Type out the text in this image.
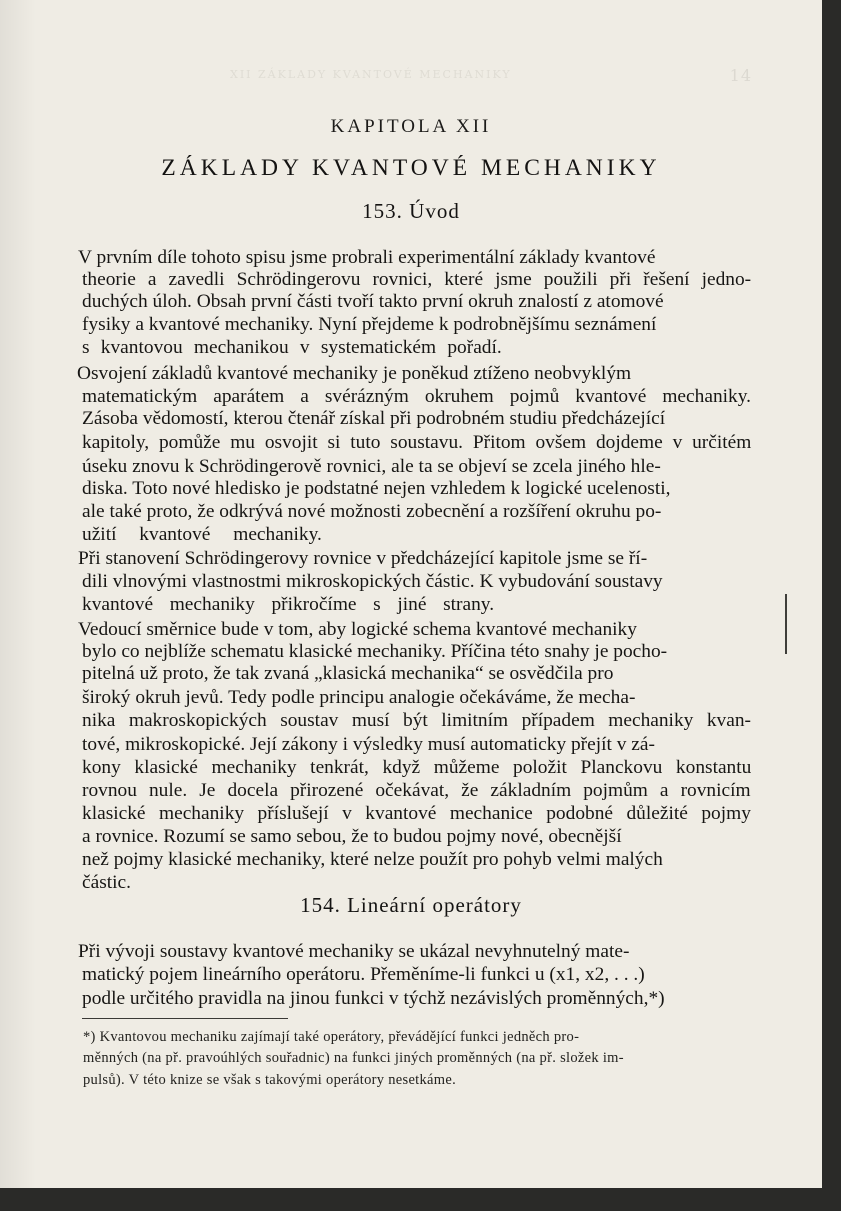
XII ZÁKLADY KVANTOVÉ MECHANIKY	14
KAPITOLA XII
ZÁKLADY KVANTOVÉ MECHANIKY
153. Úvod
V prvním díle tohoto spisu jsme probrali experimentální základy kvantové
theorie a zavedli Schrödingerovu rovnici, které jsme použili při řešení jedno-
duchých úloh. Obsah první části tvoří takto první okruh znalostí z atomové
fysiky a kvantové mechaniky. Nyní přejdeme k podrobnějšímu seznámení
s kvantovou mechanikou v systematickém pořadí.
Osvojení základů kvantové mechaniky je poněkud ztíženo neobvyklým
matematickým aparátem a svérázným okruhem pojmů kvantové mechaniky.
Zásoba vědomostí, kterou čtenář získal při podrobném studiu předcházející
kapitoly, pomůže mu osvojit si tuto soustavu. Přitom ovšem dojdeme v určitém
úseku znovu k Schrödingerově rovnici, ale ta se objeví se zcela jiného hle-
diska. Toto nové hledisko je podstatné nejen vzhledem k logické ucelenosti,
ale také proto, že odkrývá nové možnosti zobecnění a rozšíření okruhu po-
užití kvantové mechaniky.
Při stanovení Schrödingerovy rovnice v předcházející kapitole jsme se ří-
dili vlnovými vlastnostmi mikroskopických částic. K vybudování soustavy
kvantové mechaniky přikročíme s jiné strany.
Vedoucí směrnice bude v tom, aby logické schema kvantové mechaniky
bylo co nejblíže schematu klasické mechaniky. Příčina této snahy je pocho-
pitelná už proto, že tak zvaná „klasická mechanika“ se osvědčila pro
široký okruh jevů. Tedy podle principu analogie očekáváme, že mecha-
nika makroskopických soustav musí být limitním případem mechaniky kvan-
tové, mikroskopické. Její zákony i výsledky musí automaticky přejít v zá-
kony klasické mechaniky tenkrát, když můžeme položit Planckovu konstantu
rovnou nule. Je docela přirozené očekávat, že základním pojmům a rovnicím
klasické mechaniky příslušejí v kvantové mechanice podobné důležité pojmy
a rovnice. Rozumí se samo sebou, že to budou pojmy nové, obecnější
než pojmy klasické mechaniky, které nelze použít pro pohyb velmi malých
částic.
154. Lineární operátory
Při vývoji soustavy kvantové mechaniky se ukázal nevyhnutelný mate-
matický pojem lineárního operátoru. Přeměníme-li funkci u (x1, x2, . . .)
podle určitého pravidla na jinou funkci v týchž nezávislých proměnných,*)
*) Kvantovou mechaniku zajímají také operátory, převádějící funkci jedněch pro-
měnných (na př. pravoúhlých souřadnic) na funkci jiných proměnných (na př. složek im-
pulsů). V této knize se však s takovými operátory nesetkáme.
